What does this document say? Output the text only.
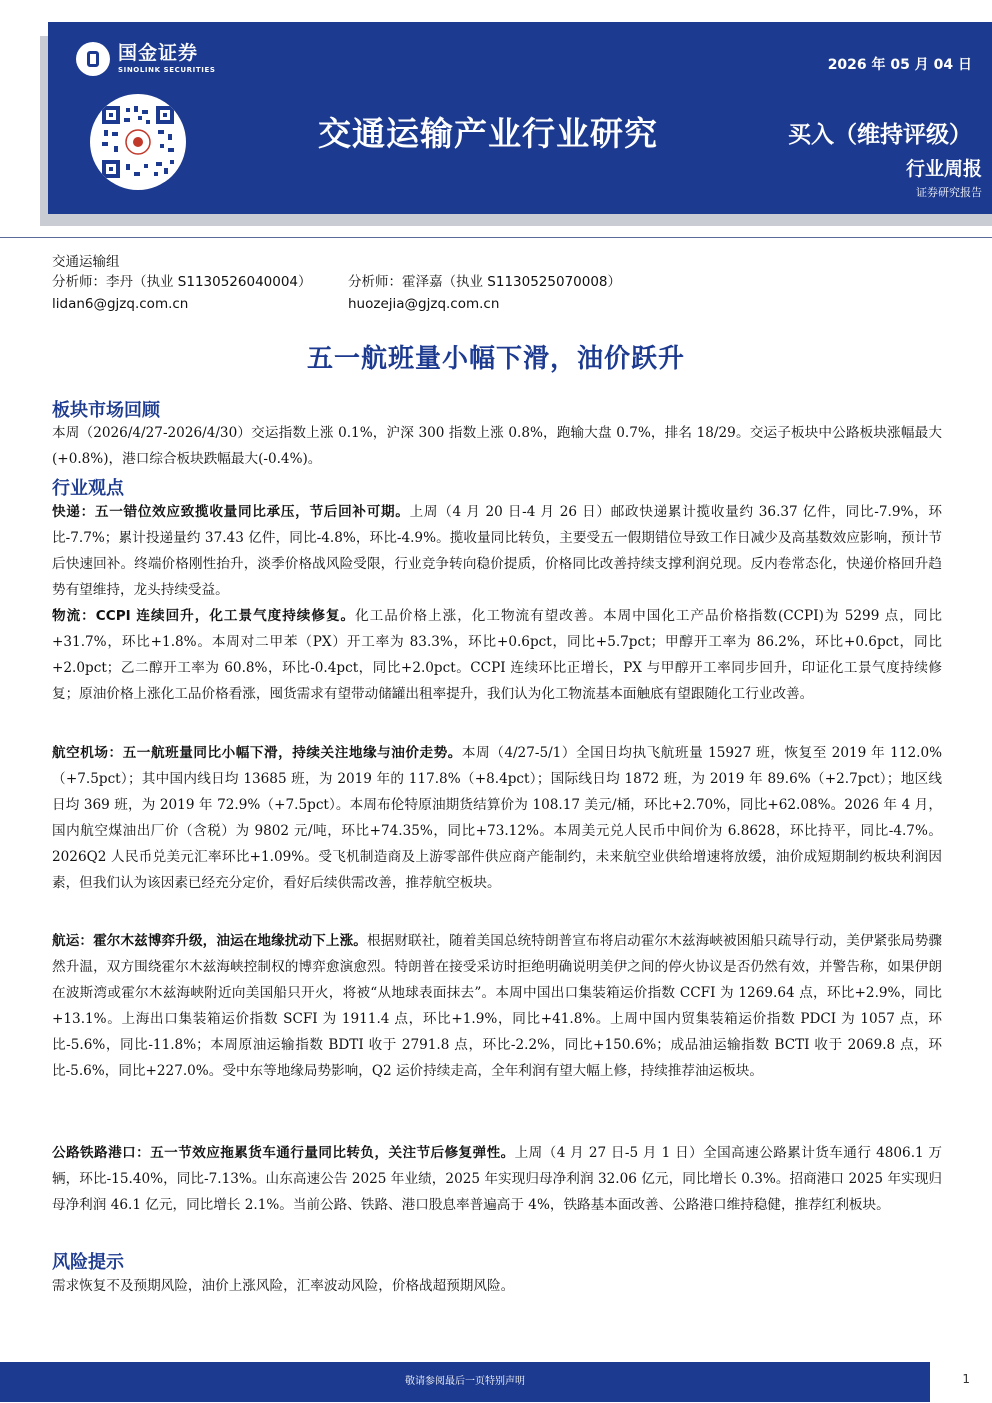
国金证券
SINOLINK SECURITIES	2026 年 05 月 04 日
交通运输产业行业研究	买入（维持评级）
行业周报
证券研究报告
交通运输组
分析师：李丹（执业 S1130526040004）
lidan6@gjzq.com.cn
分析师：霍泽嘉（执业 S1130525070008）
huozejia@gjzq.com.cn
五一航班量小幅下滑，油价跃升
板块市场回顾
本周（2026/4/27-2026/4/30）交运指数上涨 0.1%，沪深 300 指数上涨 0.8%，跑输大盘 0.7%，排名 18/29。交运子板块中公路板块涨幅最大(+0.8%)，港口综合板块跌幅最大(-0.4%)。
行业观点
快递：五一错位效应致揽收量同比承压，节后回补可期。上周（4 月 20 日-4 月 26 日）邮政快递累计揽收量约 36.37 亿件，同比-7.9%，环比-7.7%；累计投递量约 37.43 亿件，同比-4.8%，环比-4.9%。揽收量同比转负，主要受五一假期错位导致工作日减少及高基数效应影响，预计节后快速回补。终端价格刚性抬升，淡季价格战风险受限，行业竞争转向稳价提质，价格同比改善持续支撑利润兑现。反内卷常态化，快递价格回升趋势有望维持，龙头持续受益。
物流：CCPI 连续回升，化工景气度持续修复。化工品价格上涨，化工物流有望改善。本周中国化工产品价格指数(CCPI)为 5299 点，同比+31.7%，环比+1.8%。本周对二甲苯（PX）开工率为 83.3%，环比+0.6pct，同比+5.7pct；甲醇开工率为 86.2%，环比+0.6pct，同比+2.0pct；乙二醇开工率为 60.8%，环比-0.4pct，同比+2.0pct。CCPI 连续环比正增长，PX 与甲醇开工率同步回升，印证化工景气度持续修复；原油价格上涨化工品价格看涨，囤货需求有望带动储罐出租率提升，我们认为化工物流基本面触底有望跟随化工行业改善。
航空机场：五一航班量同比小幅下滑，持续关注地缘与油价走势。本周（4/27-5/1）全国日均执飞航班量 15927 班，恢复至 2019 年 112.0%（+7.5pct）；其中国内线日均 13685 班，为 2019 年的 117.8%（+8.4pct）；国际线日均 1872 班，为 2019 年 89.6%（+2.7pct）；地区线日均 369 班，为 2019 年 72.9%（+7.5pct）。本周布伦特原油期货结算价为 108.17 美元/桶，环比+2.70%，同比+62.08%。2026 年 4 月，国内航空煤油出厂价（含税）为 9802 元/吨，环比+74.35%，同比+73.12%。本周美元兑人民币中间价为 6.8628，环比持平，同比-4.7%。2026Q2 人民币兑美元汇率环比+1.09%。受飞机制造商及上游零部件供应商产能制约，未来航空业供给增速将放缓，油价成短期制约板块利润因素，但我们认为该因素已经充分定价，看好后续供需改善，推荐航空板块。
航运：霍尔木兹博弈升级，油运在地缘扰动下上涨。根据财联社，随着美国总统特朗普宣布将启动霍尔木兹海峡被困船只疏导行动，美伊紧张局势骤然升温，双方围绕霍尔木兹海峡控制权的博弈愈演愈烈。特朗普在接受采访时拒绝明确说明美伊之间的停火协议是否仍然有效，并警告称，如果伊朗在波斯湾或霍尔木兹海峡附近向美国船只开火，将被“从地球表面抹去”。本周中国出口集装箱运价指数 CCFI 为 1269.64 点，环比+2.9%，同比+13.1%。上海出口集装箱运价指数 SCFI 为 1911.4 点，环比+1.9%，同比+41.8%。上周中国内贸集装箱运价指数 PDCI 为 1057 点，环比-5.6%，同比-11.8%；本周原油运输指数 BDTI 收于 2791.8 点，环比-2.2%，同比+150.6%；成品油运输指数 BCTI 收于 2069.8 点，环比-5.6%，同比+227.0%。受中东等地缘局势影响，Q2 运价持续走高，全年利润有望大幅上修，持续推荐油运板块。
公路铁路港口：五一节效应拖累货车通行量同比转负，关注节后修复弹性。上周（4 月 27 日-5 月 1 日）全国高速公路累计货车通行 4806.1 万辆，环比-15.40%，同比-7.13%。山东高速公告 2025 年业绩，2025 年实现归母净利润 32.06 亿元，同比增长 0.3%。招商港口 2025 年实现归母净利润 46.1 亿元，同比增长 2.1%。当前公路、铁路、港口股息率普遍高于 4%，铁路基本面改善、公路港口维持稳健，推荐红利板块。
风险提示
需求恢复不及预期风险，油价上涨风险，汇率波动风险，价格战超预期风险。
敬请参阅最后一页特别声明	1
